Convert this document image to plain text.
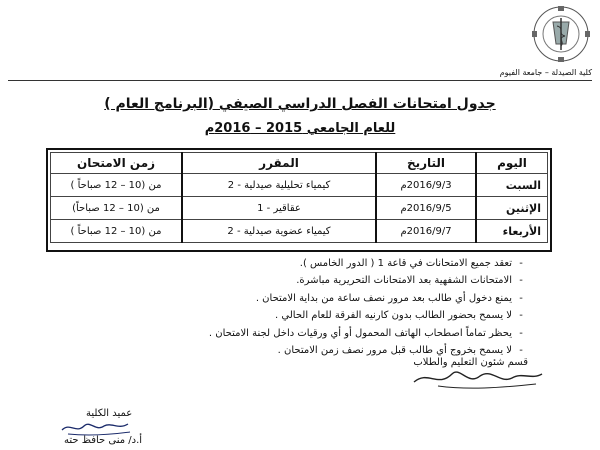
كلية الصيدلة – جامعة الفيوم
جدول امتحانات الفصل الدراسي الصيفي (البرنامج العام )
للعام الجامعي 2015 – 2016م
اليوم	التاريخ	المقرر	زمن الامتحان
السبت	2016/9/3م	كيمياء تحليلية صيدلية - 2	من (10 – 12 صباحاً )
الإثنين	2016/9/5م	عقاقير - 1	من (10 – 12 صباحاً)
الأربعاء	2016/9/7م	كيمياء عضوية صيدلية - 2	من (10 – 12 صباحاً )
-تعقد جميع الامتحانات في قاعة 1 ( الدور الخامس ).
-الامتحانات الشفهية بعد الامتحانات التحريرية مباشرة.
-يمنع دخول أي طالب بعد مرور نصف ساعة من بداية الامتحان .
-لا يسمح بحضور الطالب بدون كارنيه الفرقة للعام الحالي .
-يحظر تماماً اصطحاب الهاتف المحمول أو أي ورقيات داخل لجنة الامتحان .
-لا يسمح بخروج أي طالب قبل مرور نصف زمن الامتحان .
قسم شئون التعليم والطلاب
عميد الكلية
أ.د/ منى حافظ حته
